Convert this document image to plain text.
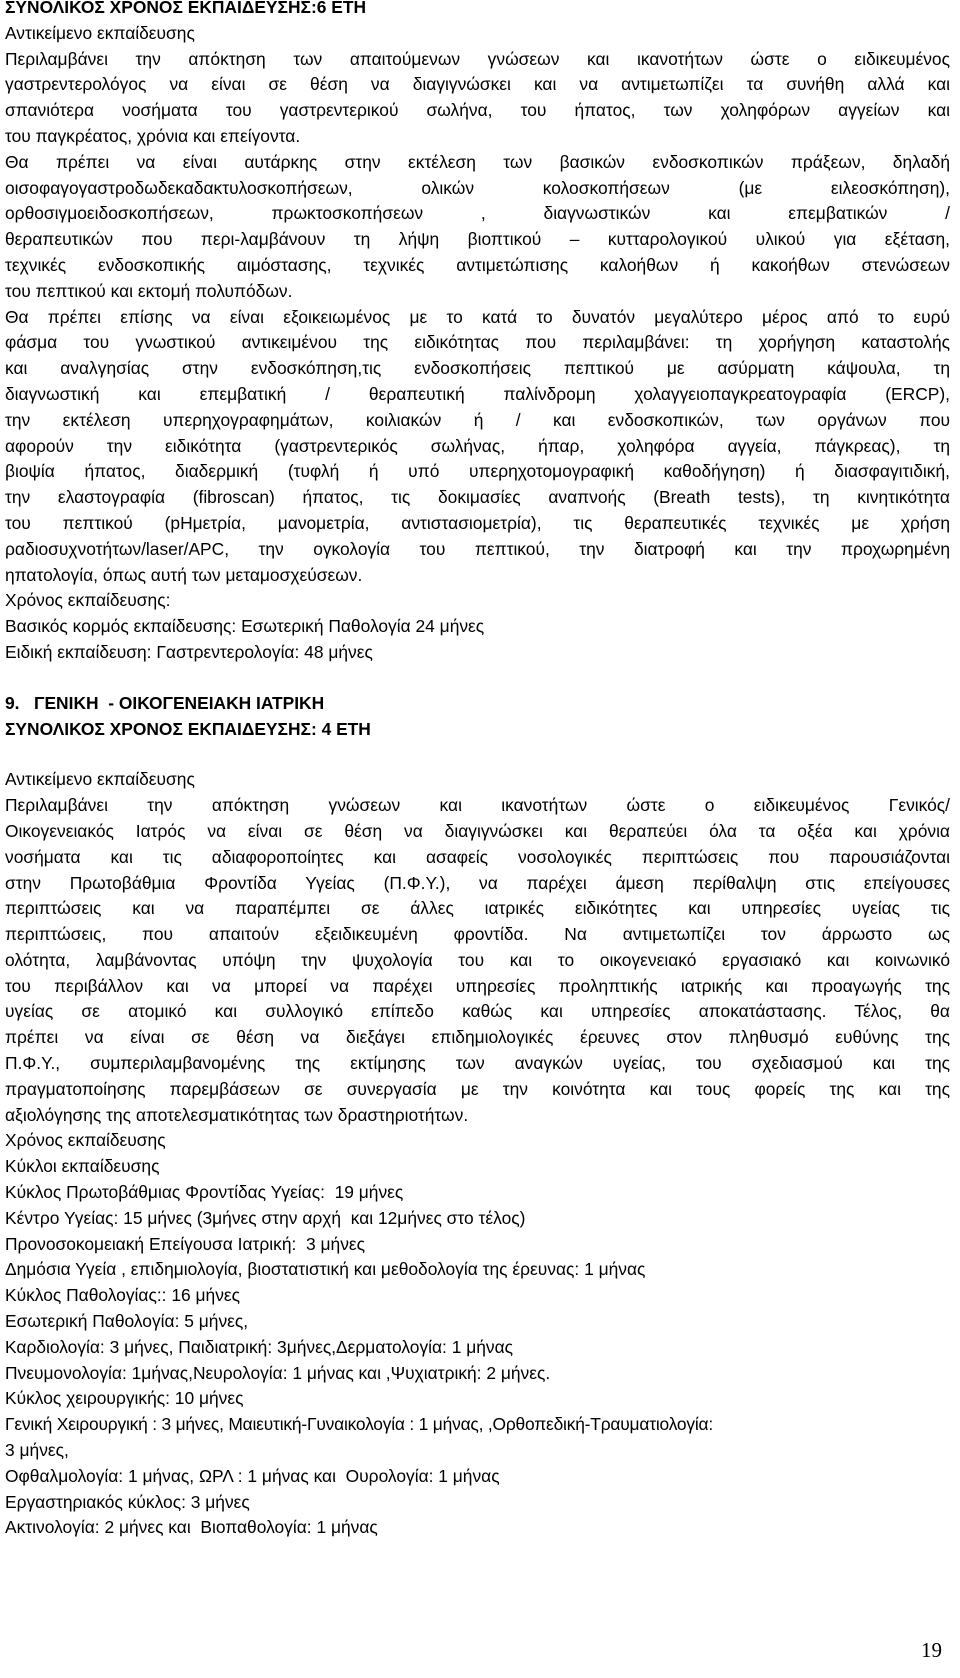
ΣΥΝΟΛΙΚΟΣ ΧΡΟΝΟΣ ΕΚΠΑΙΔΕΥΣΗΣ:6 ΕΤΗ
Αντικείμενο εκπαίδευσης
Περιλαμβάνει την απόκτηση των απαιτούμενων γνώσεων και ικανοτήτων ώστε ο ειδικευμένος
γαστρεντερολόγος να είναι σε θέση να διαγιγνώσκει και να αντιμετωπίζει τα συνήθη αλλά και
σπανιότερα νοσήματα του γαστρεντερικού σωλήνα, του ήπατος, των χοληφόρων αγγείων και
του παγκρέατος, χρόνια και επείγοντα.
Θα πρέπει να είναι αυτάρκης στην εκτέλεση των βασικών ενδοσκοπικών πράξεων, δηλαδή
οισοφαγογαστροδωδεκαδακτυλοσκοπήσεων, ολικών κολοσκοπήσεων (με ειλεοσκόπηση),
ορθοσιγμοειδοσκοπήσεων, πρωκτοσκοπήσεων , διαγνωστικών και επεμβατικών /
θεραπευτικών που περι-λαμβάνουν τη λήψη βιοπτικού – κυτταρολογικού υλικού για εξέταση,
τεχνικές ενδοσκοπικής αιμόστασης, τεχνικές αντιμετώπισης καλοήθων ή κακοήθων στενώσεων
του πεπτικού και εκτομή πολυπόδων.
Θα πρέπει επίσης να είναι εξοικειωμένος με το κατά το δυνατόν μεγαλύτερο μέρος από το ευρύ
φάσμα του γνωστικού αντικειμένου της ειδικότητας που περιλαμβάνει: τη χορήγηση καταστολής
και αναλγησίας στην ενδοσκόπηση,τις ενδοσκοπήσεις πεπτικού με ασύρματη κάψουλα, τη
διαγνωστική και επεμβατική / θεραπευτική παλίνδρομη χολαγγειοπαγκρεατογραφία (ERCP),
την εκτέλεση υπερηχογραφημάτων, κοιλιακών ή / και ενδοσκοπικών, των οργάνων που
αφορούν την ειδικότητα (γαστρεντερικός σωλήνας, ήπαρ, χοληφόρα αγγεία, πάγκρεας), τη
βιοψία ήπατος, διαδερμική (τυφλή ή υπό υπερηχοτομογραφική καθοδήγηση) ή διασφαγιτιδική,
την ελαστογραφία (fibroscan) ήπατος, τις δοκιμασίες αναπνοής (Breath tests), τη κινητικότητα
του πεπτικού (pHμετρία, μανομετρία, αντιστασιομετρία), τις θεραπευτικές τεχνικές με χρήση
ραδιοσυχνοτήτων/laser/APC, την ογκολογία του πεπτικού, την διατροφή και την προχωρημένη
ηπατολογία, όπως αυτή των μεταμοσχεύσεων.
Χρόνος εκπαίδευσης:
Βασικός κορμός εκπαίδευσης: Εσωτερική Παθολογία 24 μήνες
Ειδική εκπαίδευση: Γαστρεντερολογία: 48 μήνες
9.   ΓΕΝΙΚΗ  - ΟΙΚΟΓΕΝΕΙΑΚΗ ΙΑΤΡΙΚΗ
ΣΥΝΟΛΙΚΟΣ ΧΡΟΝΟΣ ΕΚΠΑΙΔΕΥΣΗΣ: 4 ΕΤΗ
Αντικείμενο εκπαίδευσης
Περιλαμβάνει την απόκτηση γνώσεων και ικανοτήτων ώστε ο ειδικευμένος Γενικός/
Οικογενειακός Ιατρός να είναι σε θέση να διαγιγνώσκει και θεραπεύει όλα τα οξέα και χρόνια
νοσήματα και τις αδιαφοροποίητες και ασαφείς νοσολογικές περιπτώσεις που παρουσιάζονται
στην Πρωτοβάθμια Φροντίδα Υγείας (Π.Φ.Υ.), να παρέχει άμεση περίθαλψη στις επείγουσες
περιπτώσεις και να παραπέμπει σε άλλες ιατρικές ειδικότητες και υπηρεσίες υγείας τις
περιπτώσεις, που απαιτούν εξειδικευμένη φροντίδα. Να αντιμετωπίζει τον άρρωστο ως
ολότητα, λαμβάνοντας υπόψη την ψυχολογία του και το οικογενειακό εργασιακό και κοινωνικό
του περιβάλλον και να μπορεί να παρέχει υπηρεσίες προληπτικής ιατρικής και προαγωγής της
υγείας σε ατομικό και συλλογικό επίπεδο καθώς και υπηρεσίες αποκατάστασης. Τέλος, θα
πρέπει να είναι σε θέση να διεξάγει επιδημιολογικές έρευνες στον πληθυσμό ευθύνης της
Π.Φ.Υ., συμπεριλαμβανομένης της εκτίμησης των αναγκών υγείας, του σχεδιασμού και της
πραγματοποίησης παρεμβάσεων σε συνεργασία με την κοινότητα και τους φορείς της και της
αξιολόγησης της αποτελεσματικότητας των δραστηριοτήτων.
Χρόνος εκπαίδευσης
Κύκλοι εκπαίδευσης
Κύκλος Πρωτοβάθμιας Φροντίδας Υγείας:  19 μήνες
Κέντρο Υγείας: 15 μήνες (3μήνες στην αρχή  και 12μήνες στο τέλος)
Προνοσοκομειακή Επείγουσα Ιατρική:  3 μήνες
Δημόσια Υγεία , επιδημιολογία, βιοστατιστική και μεθοδολογία της έρευνας: 1 μήνας
Κύκλος Παθολογίας:: 16 μήνες
Εσωτερική Παθολογία: 5 μήνες,
Καρδιολογία: 3 μήνες, Παιδιατρική: 3μήνες,Δερματολογία: 1 μήνας
Πνευμονολογία: 1μήνας,Νευρολογία: 1 μήνας και ,Ψυχιατρική: 2 μήνες.
Κύκλος χειρουργικής: 10 μήνες
Γενική Χειρουργική : 3 μήνες, Μαιευτική-Γυναικολογία : 1 μήνας, ,Ορθοπεδική-Τραυματιολογία:
3 μήνες,
Οφθαλμολογία: 1 μήνας, ΩΡΛ : 1 μήνας και  Ουρολογία: 1 μήνας
Εργαστηριακός κύκλος: 3 μήνες
Ακτινολογία: 2 μήνες και  Βιοπαθολογία: 1 μήνας
19
